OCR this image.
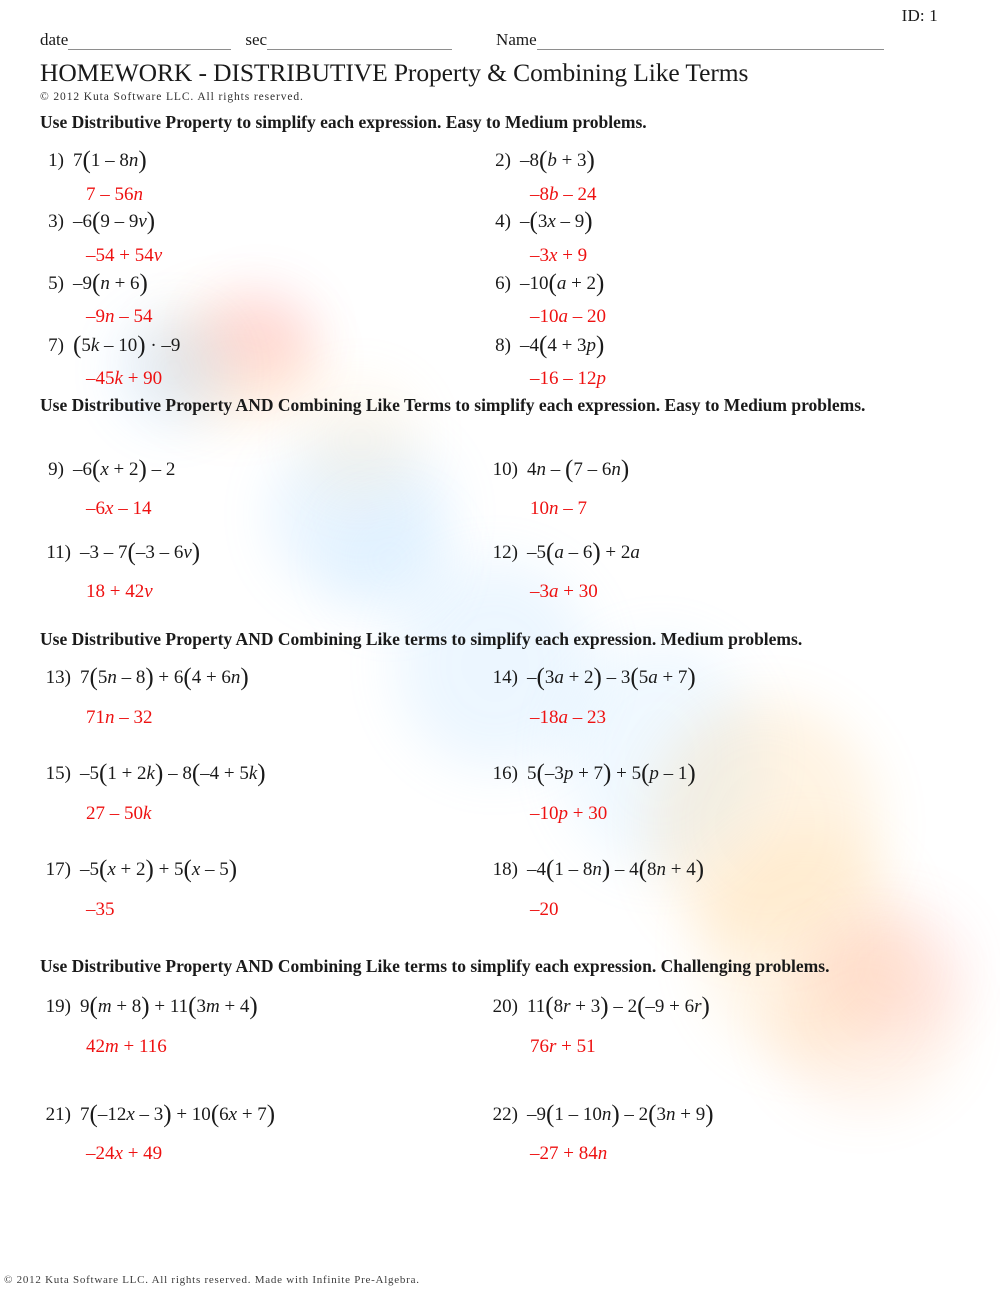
ID: 1
date	sec	Name
HOMEWORK - DISTRIBUTIVE Property & Combining Like Terms
© 2012 Kuta Software LLC. All rights reserved.
Use Distributive Property to simplify each expression. Easy to Medium problems.
Use Distributive Property AND Combining Like Terms to simplify each expression. Easy to Medium problems.
Use Distributive Property AND Combining Like terms to simplify each expression. Medium problems.
Use Distributive Property AND Combining Like terms to simplify each expression. Challenging problems.
1) 7(1 – 8n)
7 – 56n
2) –8(b + 3)
–8b – 24
3) –6(9 – 9v)
–54 + 54v
4) –(3x – 9)
–3x + 9
5) –9(n + 6)
–9n – 54
6) –10(a + 2)
–10a – 20
7) (5k – 10) · –9
–45k + 90
8) –4(4 + 3p)
–16 – 12p
9) –6(x + 2) – 2
–6x – 14
10) 4n – (7 – 6n)
10n – 7
11) –3 – 7(–3 – 6v)
18 + 42v
12) –5(a – 6) + 2a
–3a + 30
13) 7(5n – 8) + 6(4 + 6n)
71n – 32
14) –(3a + 2) – 3(5a + 7)
–18a – 23
15) –5(1 + 2k) – 8(–4 + 5k)
27 – 50k
16) 5(–3p + 7) + 5(p – 1)
–10p + 30
17) –5(x + 2) + 5(x – 5)
–35
18) –4(1 – 8n) – 4(8n + 4)
–20
19) 9(m + 8) + 11(3m + 4)
42m + 116
20) 11(8r + 3) – 2(–9 + 6r)
76r + 51
21) 7(–12x – 3) + 10(6x + 7)
–24x + 49
22) –9(1 – 10n) – 2(3n + 9)
–27 + 84n
© 2012 Kuta Software LLC. All rights reserved. Made with Infinite Pre-Algebra.
